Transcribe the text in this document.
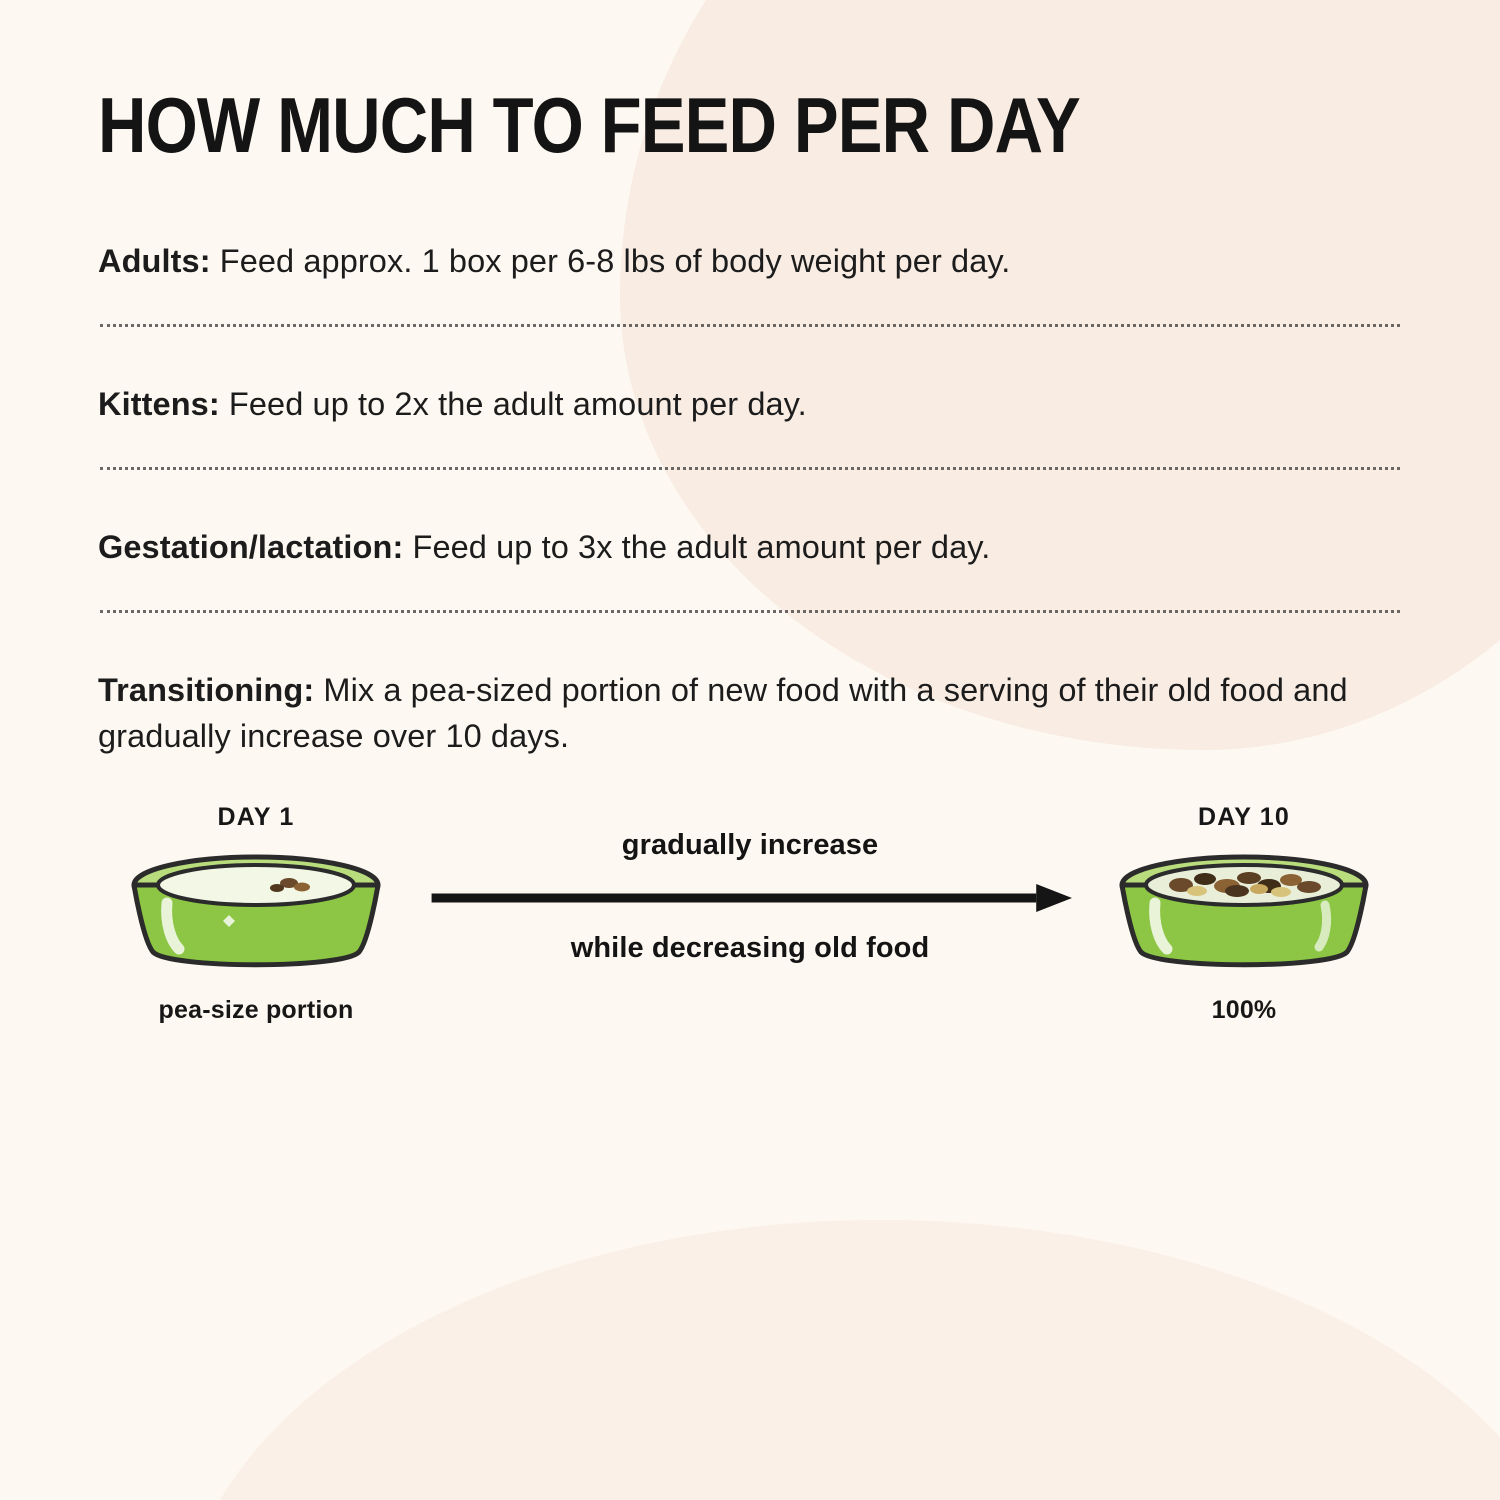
HOW MUCH TO FEED PER DAY

Adults: Feed approx. 1 box per 6-8 lbs of body weight per day.

Kittens: Feed up to 2x the adult amount per day.

Gestation/lactation: Feed up to 3x the adult amount per day.

Transitioning: Mix a pea-sized portion of new food with a serving of their old food and gradually increase over 10 days.

DAY 1
pea-size portion
gradually increase
while decreasing old food
DAY 10
100%
